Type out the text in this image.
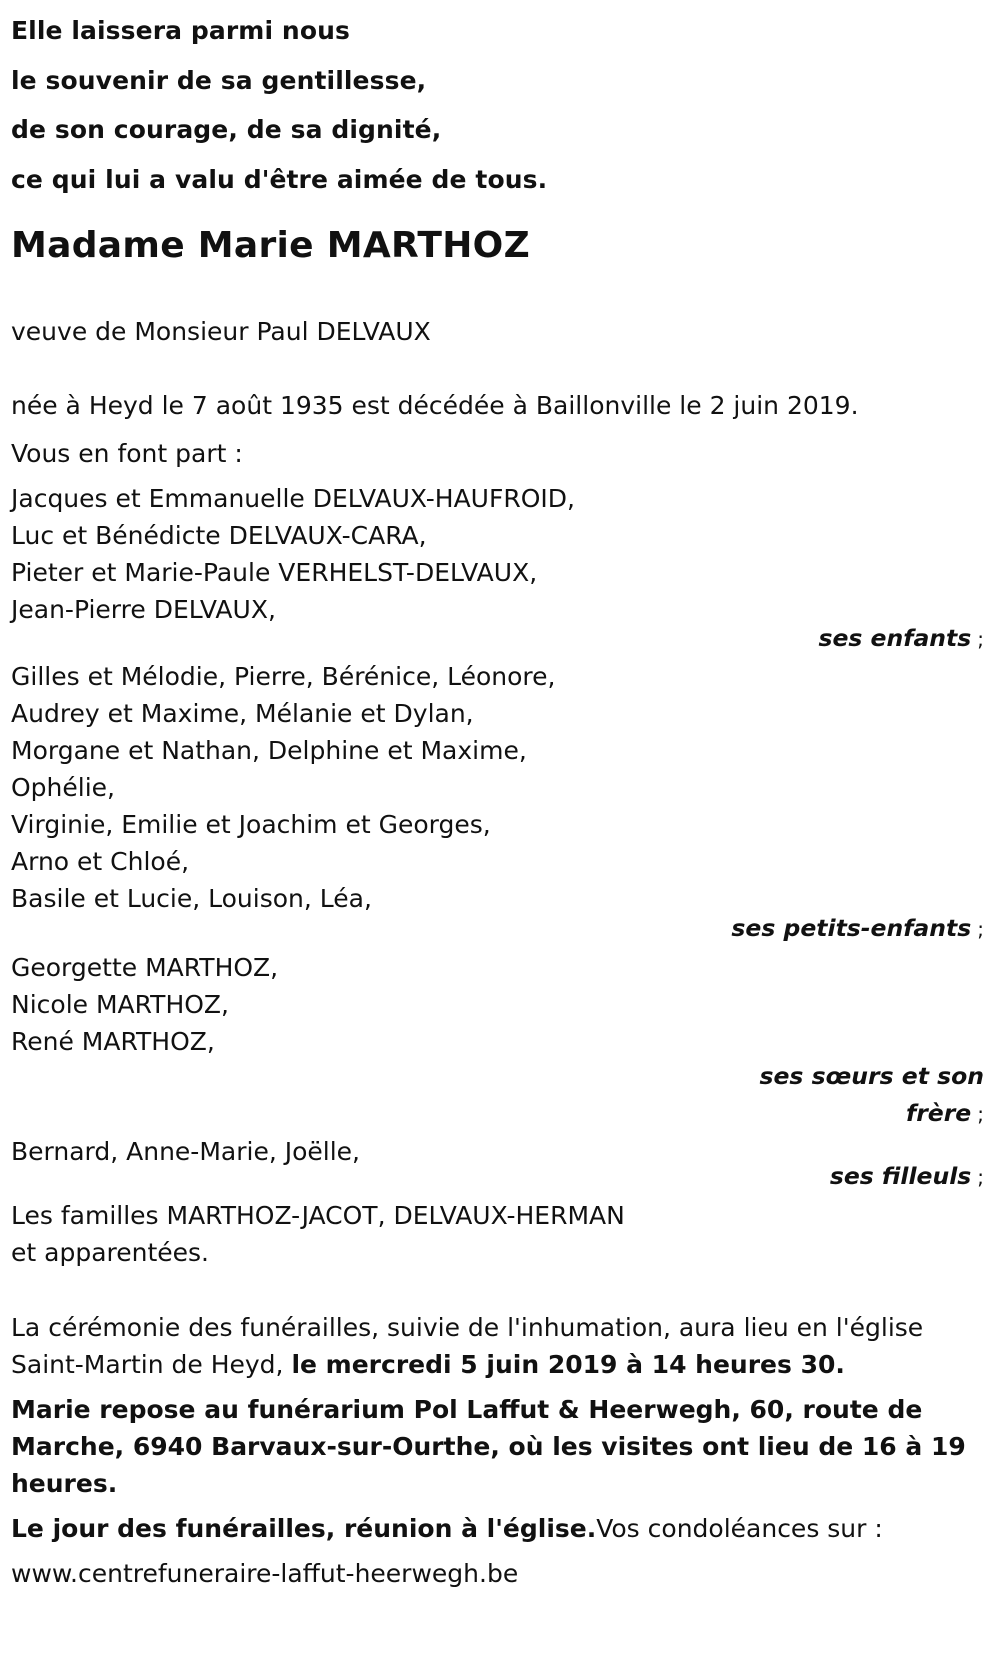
Elle laissera parmi nous
le souvenir de sa gentillesse,
de son courage, de sa dignité,
ce qui lui a valu d'être aimée de tous.
Madame Marie MARTHOZ
veuve de Monsieur Paul DELVAUX
née à Heyd le 7 août 1935 est décédée à Baillonville le 2 juin 2019.
Vous en font part :
Jacques et Emmanuelle DELVAUX-HAUFROID,
Luc et Bénédicte DELVAUX-CARA,
Pieter et Marie-Paule VERHELST-DELVAUX,
Jean-Pierre DELVAUX,
ses enfants ;
Gilles et Mélodie, Pierre, Bérénice, Léonore,
Audrey et Maxime, Mélanie et Dylan,
Morgane et Nathan, Delphine et Maxime,
Ophélie,
Virginie, Emilie et Joachim et Georges,
Arno et Chloé,
Basile et Lucie, Louison, Léa,
ses petits-enfants ;
Georgette MARTHOZ,
Nicole MARTHOZ,
René MARTHOZ,
ses sœurs et son
frère ;
Bernard, Anne-Marie, Joëlle,
ses filleuls ;
Les familles MARTHOZ-JACOT, DELVAUX-HERMAN
et apparentées.
La cérémonie des funérailles, suivie de l'inhumation, aura lieu en l'église
Saint-Martin de Heyd, le mercredi 5 juin 2019 à 14 heures 30.
Marie repose au funérarium Pol Laffut & Heerwegh, 60, route de
Marche, 6940 Barvaux-sur-Ourthe, où les visites ont lieu de 16 à 19
heures.
Le jour des funérailles, réunion à l'église.Vos condoléances sur :
www.centrefuneraire-laffut-heerwegh.be
